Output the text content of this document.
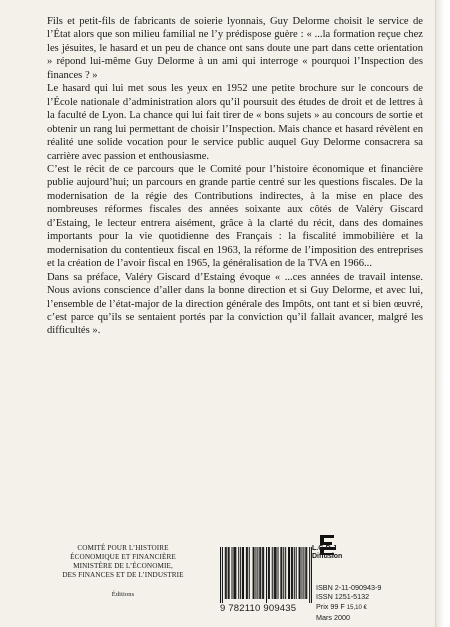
Fils et petit-fils de fabricants de soierie lyonnais, Guy Delorme choisit le service de l’État alors que son milieu familial ne l’y prédispose guère : « ...la formation reçue chez les jésuites, le hasard et un peu de chance ont sans doute une part dans cette orientation » répond lui-même Guy Delorme à un ami qui interroge « pourquoi l’Inspection des finances ? »

Le hasard qui lui met sous les yeux en 1952 une petite brochure sur le concours de l’École nationale d’administration alors qu’il poursuit des études de droit et de lettres à la faculté de Lyon. La chance qui lui fait tirer de « bons sujets » au concours de sortie et obtenir un rang lui permettant de choisir l’Inspection. Mais chance et hasard révèlent en réalité une solide vocation pour le service public auquel Guy Delorme consacrera sa carrière avec passion et enthousiasme.

C’est le récit de ce parcours que le Comité pour l’histoire économique et financière publie aujourd’hui; un parcours en grande partie centré sur les questions fiscales. De la modernisation de la régie des Contributions indirectes, à la mise en place des nombreuses réformes fiscales des années soixante aux côtés de Valéry Giscard d’Estaing, le lecteur entrera aisément, grâce à la clarté du récit, dans des domaines importants pour la vie quotidienne des Français : la fiscalité immobilière et la modernisation du contentieux fiscal en 1963, la réforme de l’imposition des entreprises et la création de l’avoir fiscal en 1965, la généralisation de la TVA en 1966...

Dans sa préface, Valéry Giscard d’Estaing évoque « ...ces années de travail intense. Nous avions conscience d’aller dans la bonne direction et si Guy Delorme, et avec lui, l’ensemble de l’état-major de la direction générale des Impôts, ont tant et si bien œuvré, c’est parce qu’ils se sentaient portés par la conviction qu’il fallait avancer, malgré les difficultés ».

COMITÉ POUR L’HISTOIRE
ÉCONOMIQUE ET FINANCIÈRE
MINISTÈRE DE L’ÉCONOMIE,
DES FINANCES ET DE L’INDUSTRIE
Éditions
9 782110 909435
L.G.D.J
Diffusion
ISBN 2-11-090943-9
ISSN 1251-5132
Prix 99 F 15,10 €
Mars 2000
